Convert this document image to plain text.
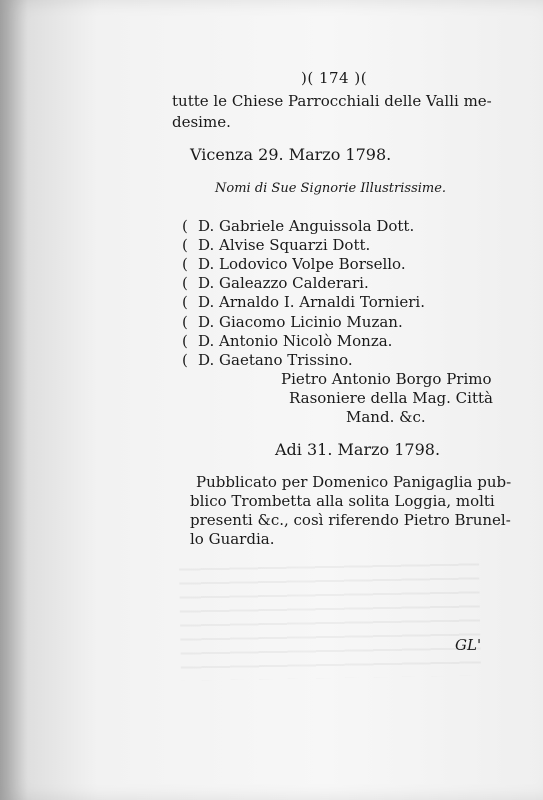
)( 174 )(
tutte le Chiese Parrocchiali delle Valli me-
desime.
Vicenza 29. Marzo 1798.
Nomi di Sue Signorie Illustrissime.
( D. Gabriele Anguissola Dott.
( D. Alvise Squarzi Dott.
( D. Lodovico Volpe Borsello.
( D. Galeazzo Calderari.
( D. Arnaldo I. Arnaldi Tornieri.
( D. Giacomo Licinio Muzan.
( D. Antonio Nicolò Monza.
( D. Gaetano Trissino.
Pietro Antonio Borgo Primo
Rasoniere della Mag. Città
Mand. &c.
Adi 31. Marzo 1798.
Pubblicato per Domenico Panigaglia pub-
blico Trombetta alla solita Loggia, molti
presenti &c., così riferendo Pietro Brunel-
lo Guardia.
GL'
